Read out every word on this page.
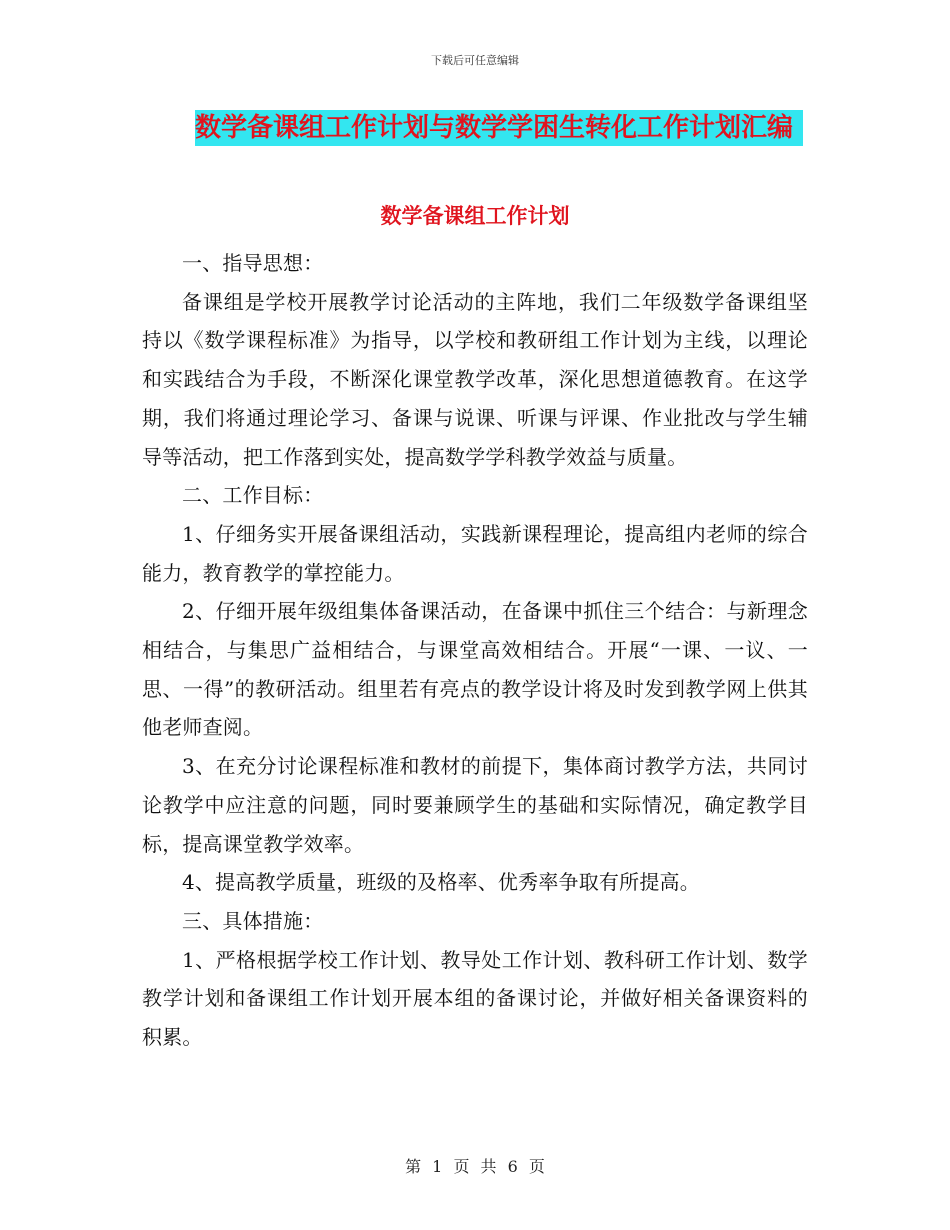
下载后可任意编辑
数学备课组工作计划与数学学困生转化工作计划汇编
数学备课组工作计划

一、指导思想：

备课组是学校开展教学讨论活动的主阵地，我们二年级数学备课组坚持以《数学课程标准》为指导，以学校和教研组工作计划为主线，以理论和实践结合为手段，不断深化课堂教学改革，深化思想道德教育。在这学期，我们将通过理论学习、备课与说课、听课与评课、作业批改与学生辅导等活动，把工作落到实处，提高数学学科教学效益与质量。

二、工作目标：

1、仔细务实开展备课组活动，实践新课程理论，提高组内老师的综合能力，教育教学的掌控能力。

2、仔细开展年级组集体备课活动，在备课中抓住三个结合：与新理念相结合，与集思广益相结合，与课堂高效相结合。开展“一课、一议、一思、一得”的教研活动。组里若有亮点的教学设计将及时发到教学网上供其他老师查阅。

3、在充分讨论课程标准和教材的前提下，集体商讨教学方法，共同讨论教学中应注意的问题，同时要兼顾学生的基础和实际情况，确定教学目标，提高课堂教学效率。

4、提高教学质量，班级的及格率、优秀率争取有所提高。

三、具体措施：

1、严格根据学校工作计划、教导处工作计划、教科研工作计划、数学教学计划和备课组工作计划开展本组的备课讨论，并做好相关备课资料的积累。

第 1 页 共 6 页
